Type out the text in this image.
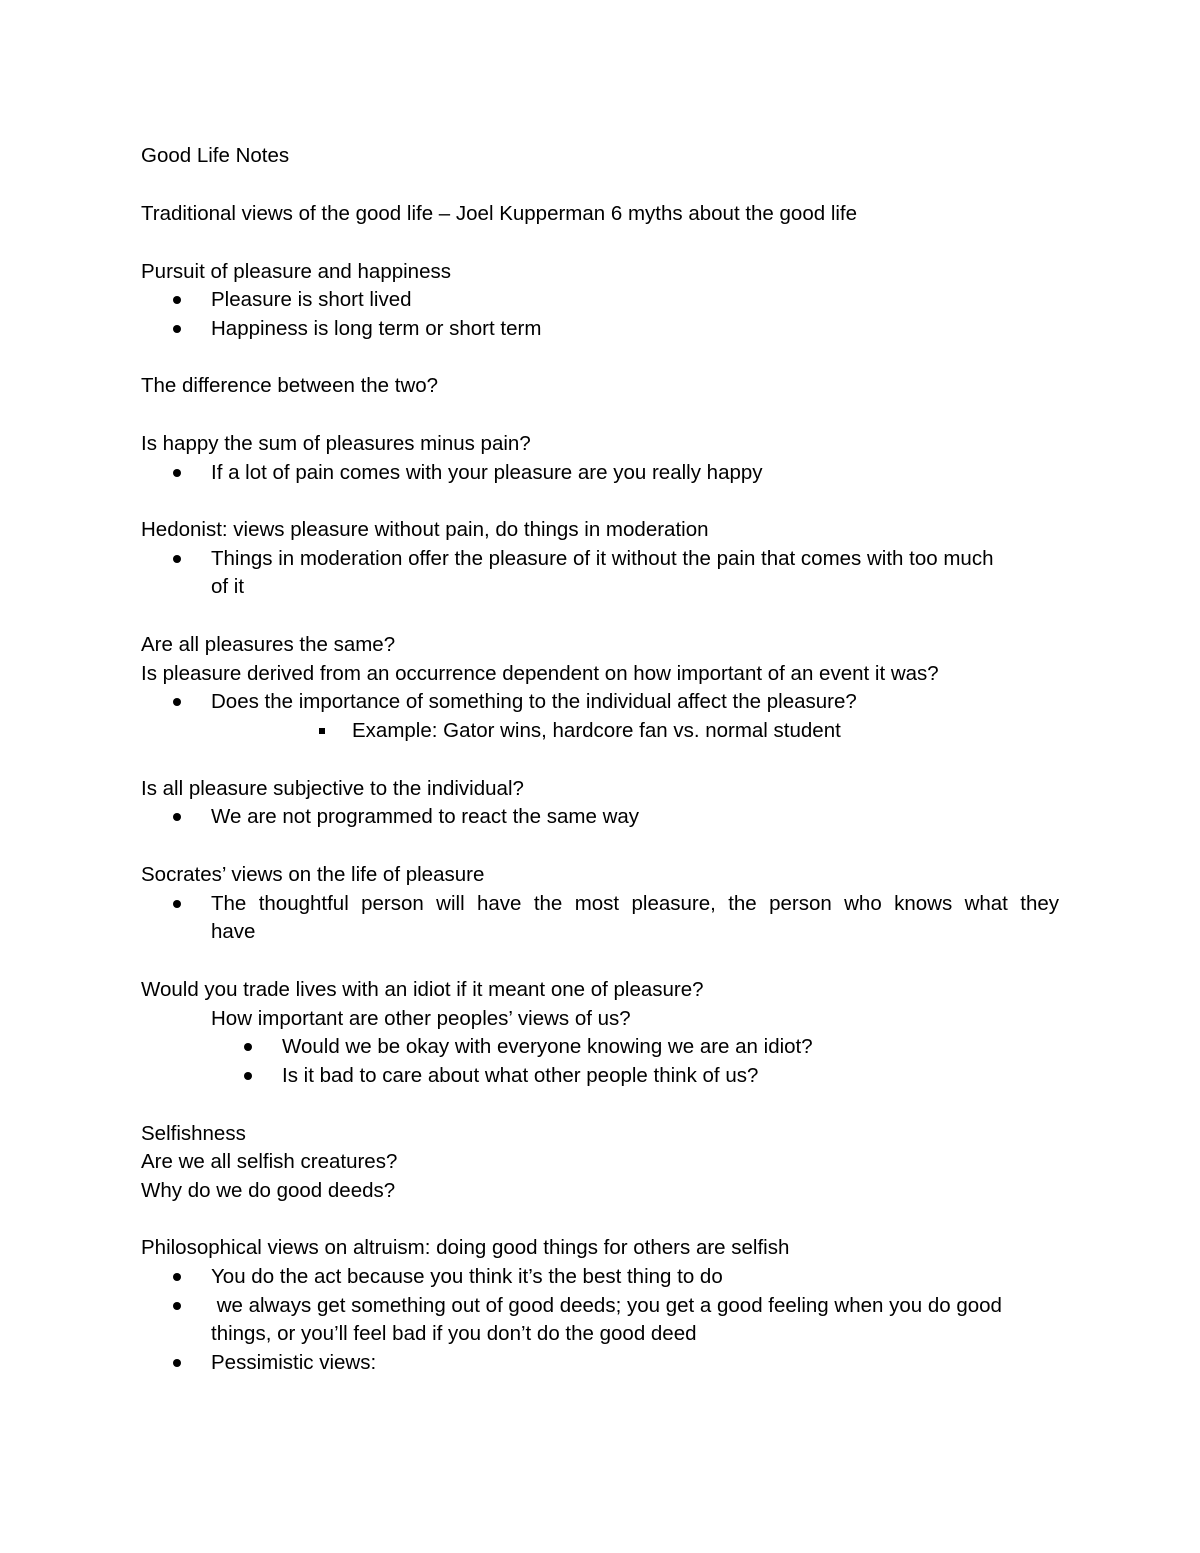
Good Life Notes
Traditional views of the good life – Joel Kupperman 6 myths about the good life
Pursuit of pleasure and happiness
Pleasure is short lived
Happiness is long term or short term
The difference between the two?
Is happy the sum of pleasures minus pain?
If a lot of pain comes with your pleasure are you really happy
Hedonist: views pleasure without pain, do things in moderation
Things in moderation offer the pleasure of it without the pain that comes with too much
of it
Are all pleasures the same?
Is pleasure derived from an occurrence dependent on how important of an event it was?
Does the importance of something to the individual affect the pleasure?
Example: Gator wins, hardcore fan vs. normal student
Is all pleasure subjective to the individual?
We are not programmed to react the same way
Socrates’ views on the life of pleasure
The thoughtful person will have the most pleasure, the person who knows what they
have
Would you trade lives with an idiot if it meant one of pleasure?
How important are other peoples’ views of us?
Would we be okay with everyone knowing we are an idiot?
Is it bad to care about what other people think of us?
Selfishness
Are we all selfish creatures?
Why do we do good deeds?
Philosophical views on altruism: doing good things for others are selfish
You do the act because you think it’s the best thing to do
we always get something out of good deeds; you get a good feeling when you do good
things, or you’ll feel bad if you don’t do the good deed
Pessimistic views:
